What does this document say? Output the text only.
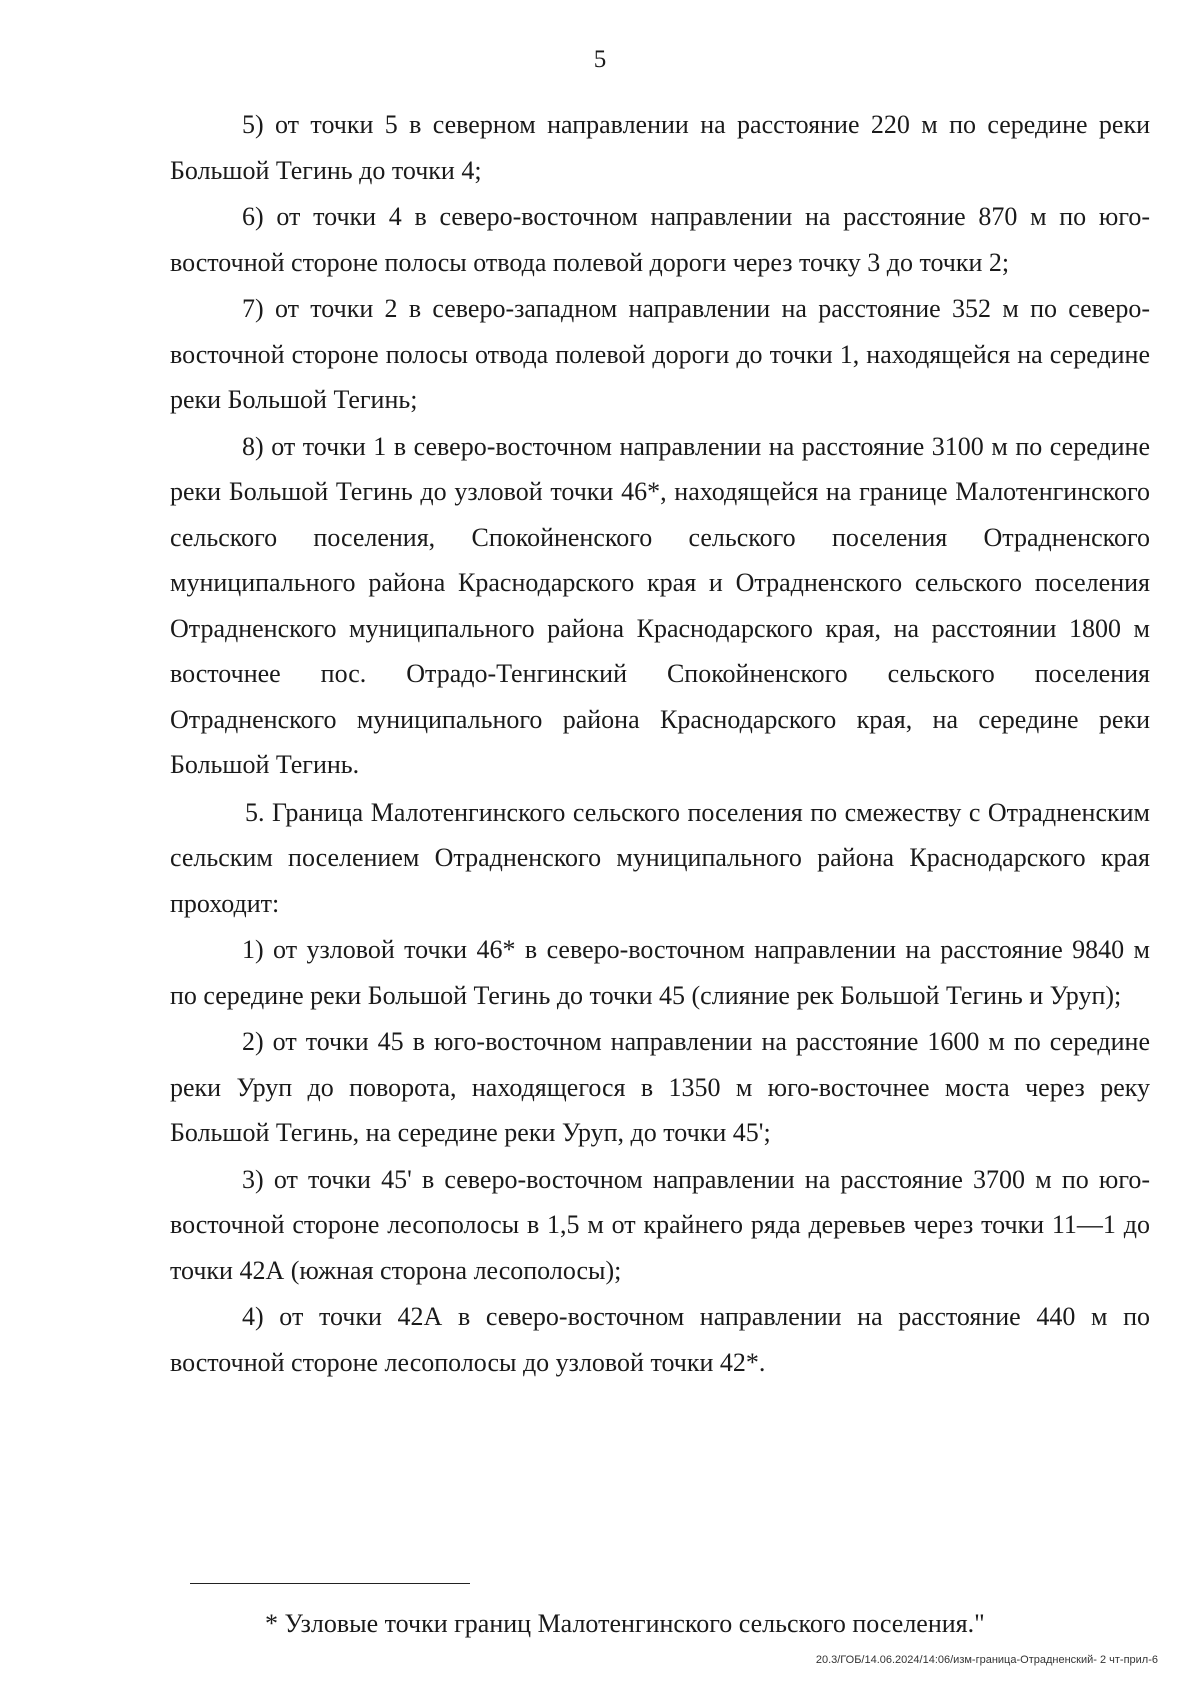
5

5) от точки 5 в северном направлении на расстояние 220 м по середине реки Большой Тегинь до точки 4;

6) от точки 4 в северо-восточном направлении на расстояние 870 м по юго-восточной стороне полосы отвода полевой дороги через точку 3 до точки 2;

7) от точки 2 в северо-западном направлении на расстояние 352 м по северо-восточной стороне полосы отвода полевой дороги до точки 1, находящейся на середине реки Большой Тегинь;

8) от точки 1 в северо-восточном направлении на расстояние 3100 м по середине реки Большой Тегинь до узловой точки 46*, находящейся на границе Малотенгинского сельского поселения, Спокойненского сельского поселения Отрадненского муниципального района Краснодарского края и Отрадненского сельского поселения Отрадненского муниципального района Краснодарского края, на расстоянии 1800 м восточнее пос. Отрадо-Тенгинский Спокойненского сельского поселения Отрадненского муниципального района Краснодарского края, на середине реки Большой Тегинь.

5. Граница Малотенгинского сельского поселения по смежеству с Отрадненским сельским поселением Отрадненского муниципального района Краснодарского края проходит:

1) от узловой точки 46* в северо-восточном направлении на расстояние 9840 м по середине реки Большой Тегинь до точки 45 (слияние рек Большой Тегинь и Уруп);

2) от точки 45 в юго-восточном направлении на расстояние 1600 м по середине реки Уруп до поворота, находящегося в 1350 м юго-восточнее моста через реку Большой Тегинь, на середине реки Уруп, до точки 45';

3) от точки 45' в северо-восточном направлении на расстояние 3700 м по юго-восточной стороне лесополосы в 1,5 м от крайнего ряда деревьев через точки 11—1 до точки 42А (южная сторона лесополосы);

4) от точки 42А в северо-восточном направлении на расстояние 440 м по восточной стороне лесополосы до узловой точки 42*.

* Узловые точки границ Малотенгинского сельского поселения."
20.3/ГОБ/14.06.2024/14:06/изм-граница-Отрадненский- 2 чт-прил-6
